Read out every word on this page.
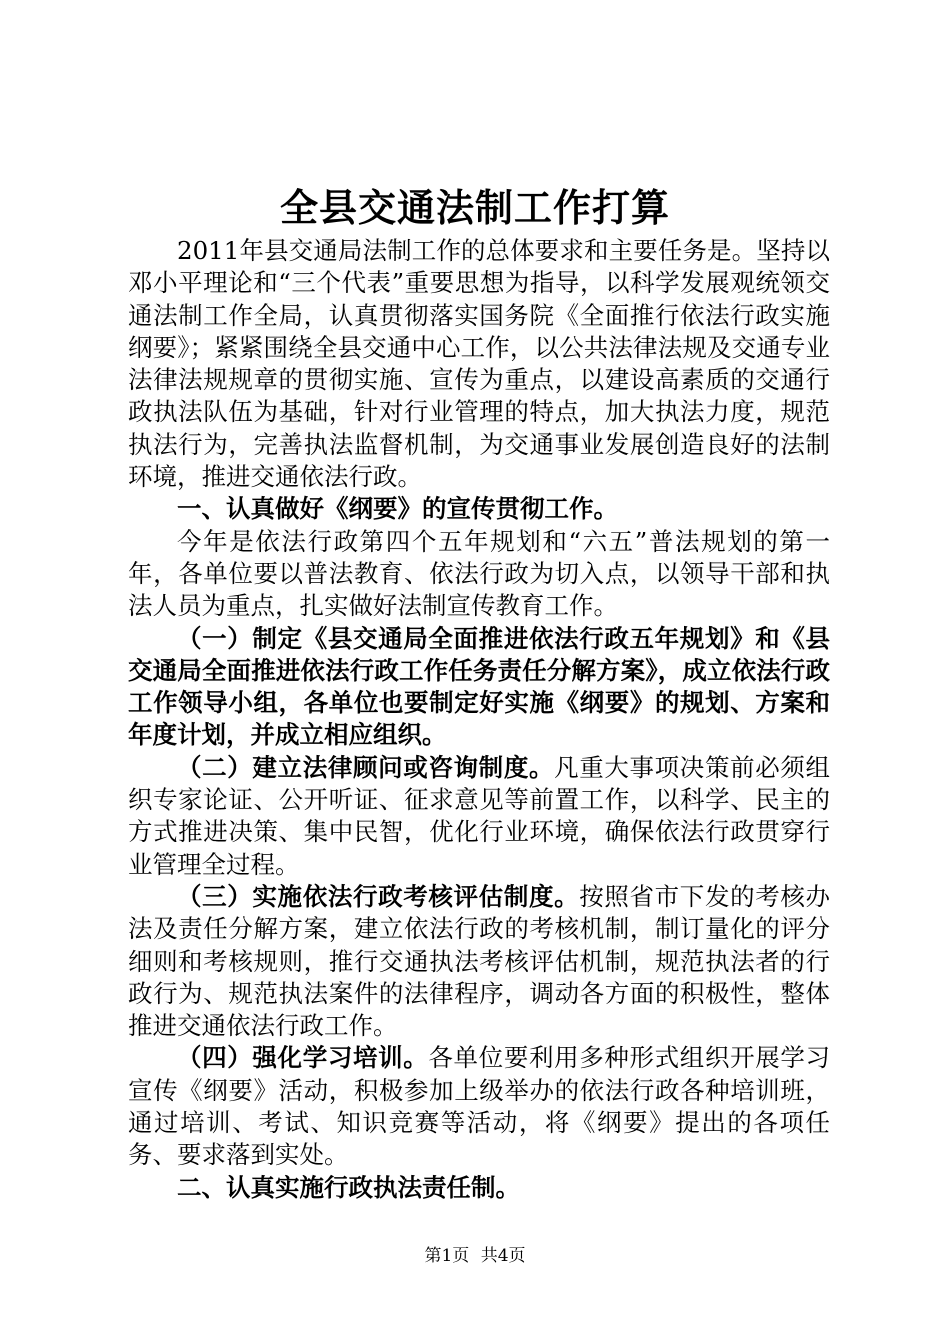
全县交通法制工作打算

2011年县交通局法制工作的总体要求和主要任务是。坚持以邓小平理论和“三个代表”重要思想为指导，以科学发展观统领交通法制工作全局，认真贯彻落实国务院《全面推行依法行政实施纲要》；紧紧围绕全县交通中心工作，以公共法律法规及交通专业法律法规规章的贯彻实施、宣传为重点，以建设高素质的交通行政执法队伍为基础，针对行业管理的特点，加大执法力度，规范执法行为，完善执法监督机制，为交通事业发展创造良好的法制环境，推进交通依法行政。

一、认真做好《纲要》的宣传贯彻工作。

今年是依法行政第四个五年规划和“六五”普法规划的第一年，各单位要以普法教育、依法行政为切入点，以领导干部和执法人员为重点，扎实做好法制宣传教育工作。

（一）制定《县交通局全面推进依法行政五年规划》和《县交通局全面推进依法行政工作任务责任分解方案》，成立依法行政工作领导小组，各单位也要制定好实施《纲要》的规划、方案和年度计划，并成立相应组织。

（二）建立法律顾问或咨询制度。凡重大事项决策前必须组织专家论证、公开听证、征求意见等前置工作，以科学、民主的方式推进决策、集中民智，优化行业环境，确保依法行政贯穿行业管理全过程。

（三）实施依法行政考核评估制度。按照省市下发的考核办法及责任分解方案，建立依法行政的考核机制，制订量化的评分细则和考核规则，推行交通执法考核评估机制，规范执法者的行政行为、规范执法案件的法律程序，调动各方面的积极性，整体推进交通依法行政工作。

（四）强化学习培训。各单位要利用多种形式组织开展学习宣传《纲要》活动，积极参加上级举办的依法行政各种培训班，通过培训、考试、知识竞赛等活动，将《纲要》提出的各项任务、要求落到实处。

二、认真实施行政执法责任制。

第1页 共4页
